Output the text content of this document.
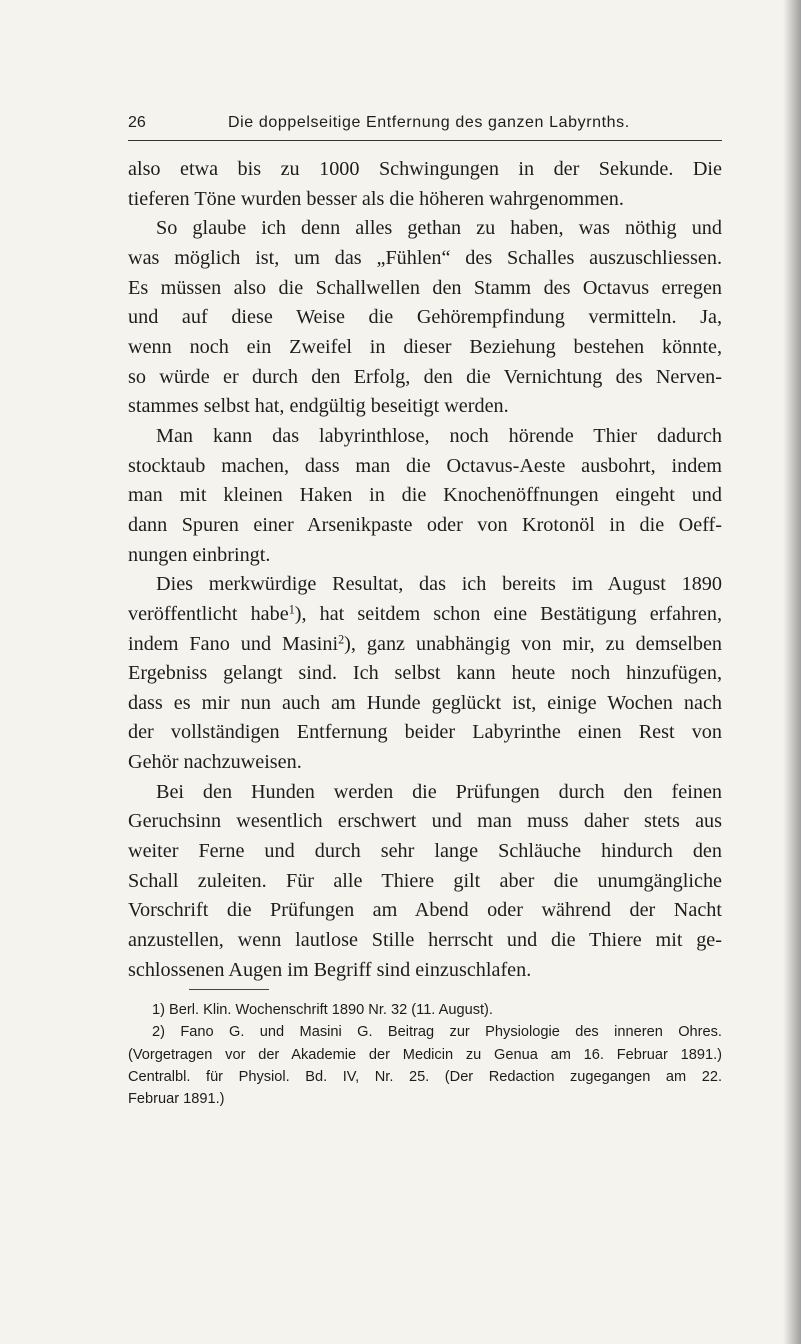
26	Die doppelseitige Entfernung des ganzen Labyrnths.
also etwa bis zu 1000 Schwingungen in der Sekunde. Die
tieferen Töne wurden besser als die höheren wahrgenommen.
So glaube ich denn alles gethan zu haben, was nöthig und
was möglich ist, um das „Fühlen“ des Schalles auszuschliessen.
Es müssen also die Schallwellen den Stamm des Octavus erregen
und auf diese Weise die Gehörempfindung vermitteln. Ja,
wenn noch ein Zweifel in dieser Beziehung bestehen könnte,
so würde er durch den Erfolg, den die Vernichtung des Nerven-
stammes selbst hat, endgültig beseitigt werden.
Man kann das labyrinthlose, noch hörende Thier dadurch
stocktaub machen, dass man die Octavus-Aeste ausbohrt, indem
man mit kleinen Haken in die Knochenöffnungen eingeht und
dann Spuren einer Arsenikpaste oder von Krotonöl in die Oeff-
nungen einbringt.
Dies merkwürdige Resultat, das ich bereits im August 1890
veröffentlicht habe$^1$), hat seitdem schon eine Bestätigung erfahren,
indem Fano und Masini$^2$), ganz unabhängig von mir, zu demselben
Ergebniss gelangt sind. Ich selbst kann heute noch hinzufügen,
dass es mir nun auch am Hunde geglückt ist, einige Wochen nach
der vollständigen Entfernung beider Labyrinthe einen Rest von
Gehör nachzuweisen.
Bei den Hunden werden die Prüfungen durch den feinen
Geruchsinn wesentlich erschwert und man muss daher stets aus
weiter Ferne und durch sehr lange Schläuche hindurch den
Schall zuleiten. Für alle Thiere gilt aber die unumgängliche
Vorschrift die Prüfungen am Abend oder während der Nacht
anzustellen, wenn lautlose Stille herrscht und die Thiere mit ge-
schlossenen Augen im Begriff sind einzuschlafen.
1) Berl. Klin. Wochenschrift 1890 Nr. 32 (11. August).
2) Fano G. und Masini G. Beitrag zur Physiologie des inneren Ohres.
(Vorgetragen vor der Akademie der Medicin zu Genua am 16. Februar 1891.)
Centralbl. für Physiol. Bd. IV, Nr. 25. (Der Redaction zugegangen am 22.
Februar 1891.)
